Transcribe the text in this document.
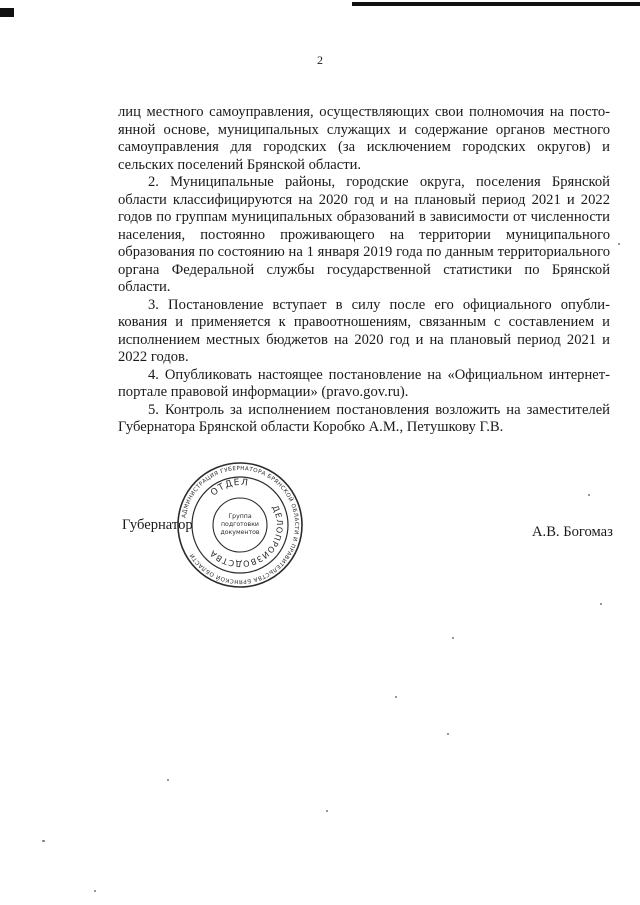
2

лиц местного самоуправления, осуществляющих свои полномочия на постоянной основе, муниципальных служащих и содержание органов местного самоуправления для городских (за исключением городских округов) и сельских поселений Брянской области.

2. Муниципальные районы, городские округа, поселения Брянской области классифицируются на 2020 год и на плановый период 2021 и 2022 годов по группам муниципальных образований в зависимости от численности населения, постоянно проживающего на территории муниципального образования по состоянию на 1 января 2019 года по данным территориального органа Федеральной службы государственной статистики по Брянской области.

3. Постановление вступает в силу после его официального опубликования и применяется к правоотношениям, связанным с составлением и исполнением местных бюджетов на 2020 год и на плановый период 2021 и 2022 годов.

4. Опубликовать настоящее постановление на «Официальном интернет-портале правовой информации» (pravo.gov.ru).

5. Контроль за исполнением постановления возложить на заместителей Губернатора Брянской области Коробко А.М., Петушкову Г.В.

Губернатор
АДМИНИСТРАЦИЯ ГУБЕРНАТОРА БРЯНСКОЙ ОБЛАСТИ И ПРАВИТЕЛЬСТВА БРЯНСКОЙ ОБЛАСТИ
ОТДЕЛ
ДЕЛОПРОИЗВОДСТВА
Группа
подготовки
документов	А.В. Богомаз
